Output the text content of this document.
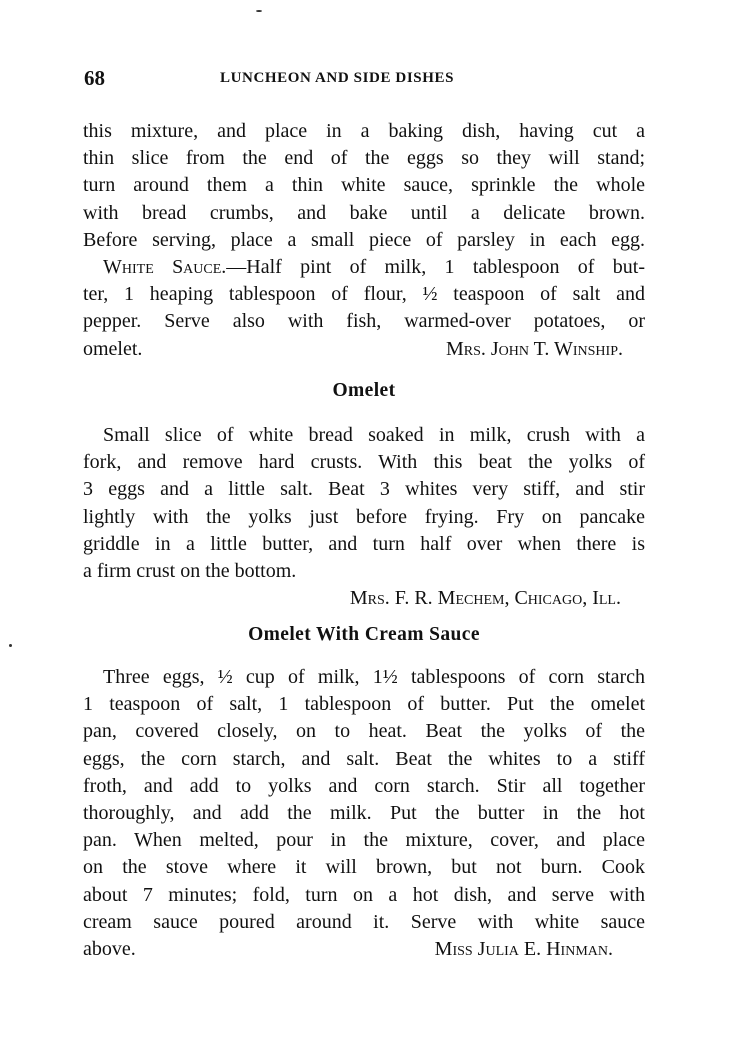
68	LUNCHEON AND SIDE DISHES
this mixture, and place in a baking dish, having cut a
thin slice from the end of the eggs so they will stand;
turn around them a thin white sauce, sprinkle the whole
with bread crumbs, and bake until a delicate brown.
Before serving, place a small piece of parsley in each egg.
White Sauce.—Half pint of milk, 1 tablespoon of but-
ter, 1 heaping tablespoon of flour, ½ teaspoon of salt and
pepper. Serve also with fish, warmed-over potatoes, or
omelet.	Mrs. John T. Winship.
Omelet
Small slice of white bread soaked in milk, crush with a
fork, and remove hard crusts. With this beat the yolks of
3 eggs and a little salt. Beat 3 whites very stiff, and stir
lightly with the yolks just before frying. Fry on pancake
griddle in a little butter, and turn half over when there is
a firm crust on the bottom.
Mrs. F. R. Mechem, Chicago, Ill.
Omelet With Cream Sauce
Three eggs, ½ cup of milk, 1½ tablespoons of corn starch
1 teaspoon of salt, 1 tablespoon of butter. Put the omelet
pan, covered closely, on to heat. Beat the yolks of the
eggs, the corn starch, and salt. Beat the whites to a stiff
froth, and add to yolks and corn starch. Stir all together
thoroughly, and add the milk. Put the butter in the hot
pan. When melted, pour in the mixture, cover, and place
on the stove where it will brown, but not burn. Cook
about 7 minutes; fold, turn on a hot dish, and serve with
cream sauce poured around it. Serve with white sauce
above.	Miss Julia E. Hinman.
